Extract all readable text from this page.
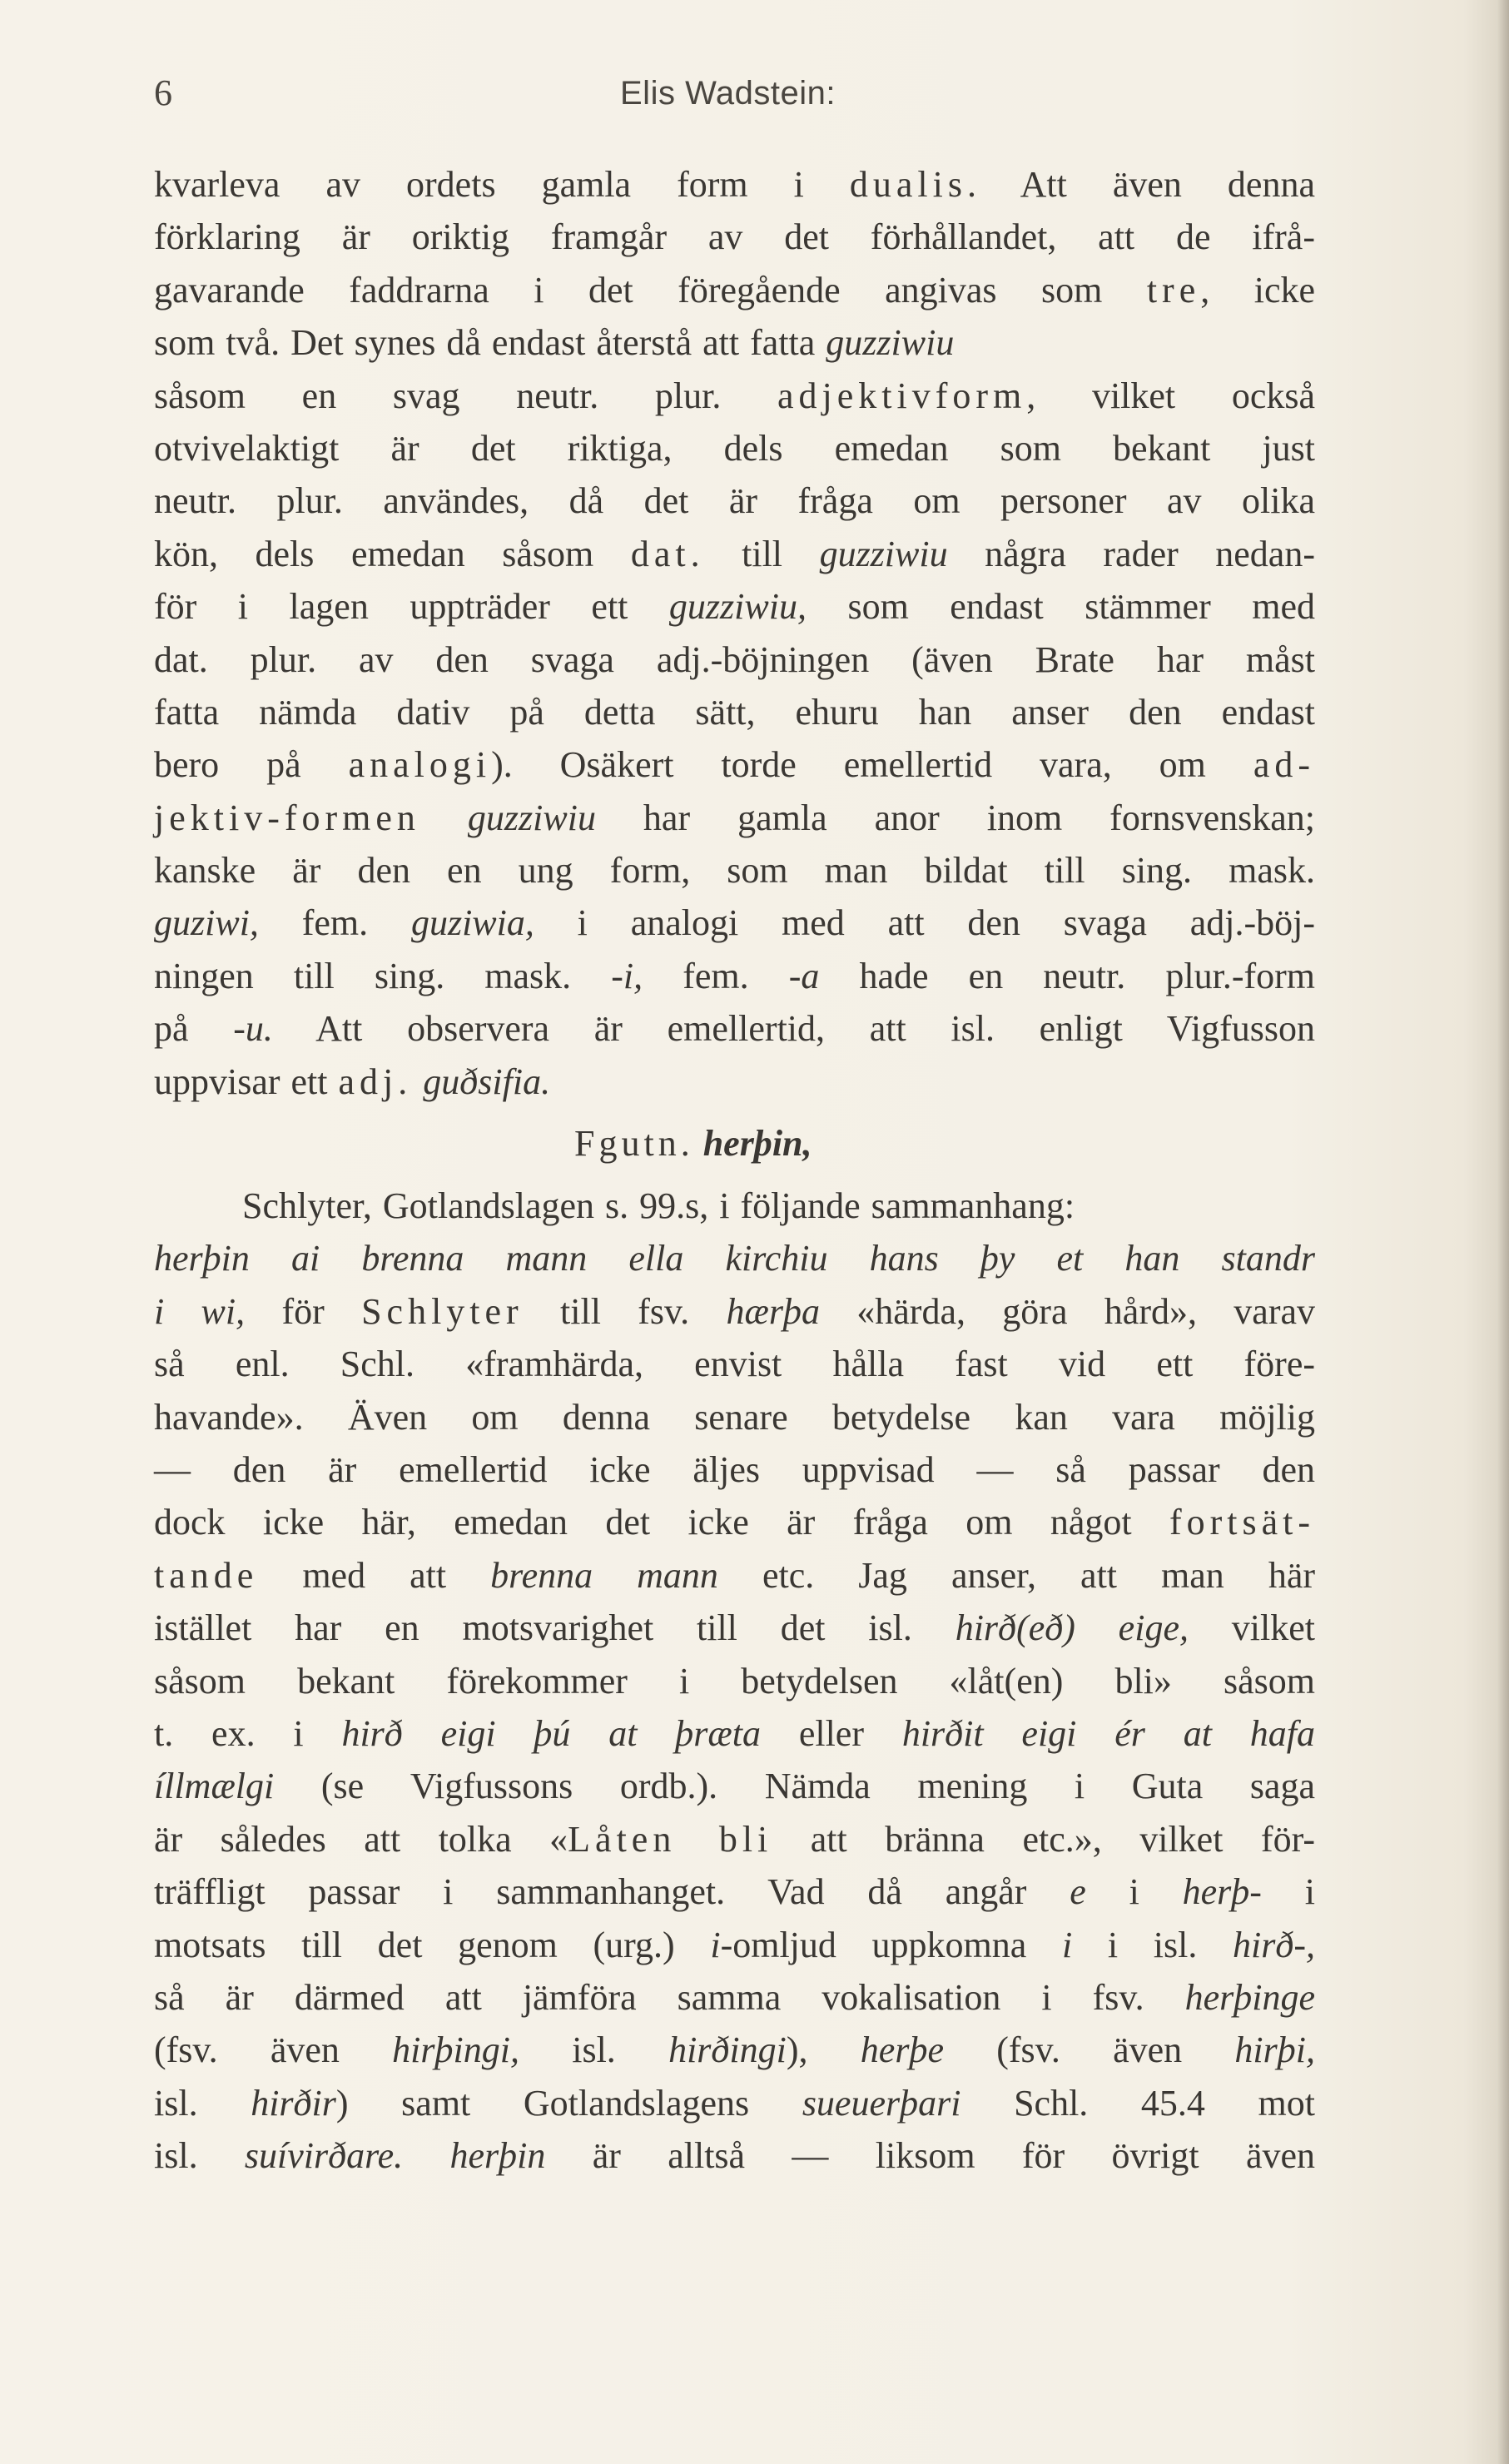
6	Elis Wadstein:
kvarleva av ordets gamla form i dualis. Att även denna
förklaring är oriktig framgår av det förhållandet, att de ifrå-
gavarande faddrarna i det föregående angivas som tre, icke
som två. Det synes då endast återstå att fatta guzziwiu
såsom en svag neutr. plur. adjektivform, vilket också
otvivelaktigt är det riktiga, dels emedan som bekant just
neutr. plur. användes, då det är fråga om personer av olika
kön, dels emedan såsom dat. till guzziwiu några rader nedan-
för i lagen uppträder ett guzziwiu, som endast stämmer med
dat. plur. av den svaga adj.-böjningen (även Brate har måst
fatta nämda dativ på detta sätt, ehuru han anser den endast
bero på analogi). Osäkert torde emellertid vara, om ad-
jektiv-formen guzziwiu har gamla anor inom fornsvenskan;
kanske är den en ung form, som man bildat till sing. mask.
guziwi, fem. guziwia, i analogi med att den svaga adj.-böj-
ningen till sing. mask. -i, fem. -a hade en neutr. plur.-form
på -u. Att observera är emellertid, att isl. enligt Vigfusson
uppvisar ett adj. guðsifia.
Fgutn. herþin,
Schlyter, Gotlandslagen s. 99.s, i följande sammanhang:
herþin ai brenna mann ella kirchiu hans þy et han standr
i wi, för Schlyter till fsv. hærþa «härda, göra hård», varav
så enl. Schl. «framhärda, envist hålla fast vid ett före-
havande». Även om denna senare betydelse kan vara möjlig
— den är emellertid icke äljes uppvisad — så passar den
dock icke här, emedan det icke är fråga om något fortsät-
tande med att brenna mann etc. Jag anser, att man här
istället har en motsvarighet till det isl. hirð(eð) eige, vilket
såsom bekant förekommer i betydelsen «låt(en) bli» såsom
t. ex. i hirð eigi þú at þræta eller hirðit eigi ér at hafa
íllmælgi (se Vigfussons ordb.). Nämda mening i Guta saga
är således att tolka «Låten bli att bränna etc.», vilket för-
träffligt passar i sammanhanget. Vad då angår e i herþ- i
motsats till det genom (urg.) i-omljud uppkomna i i isl. hirð-,
så är därmed att jämföra samma vokalisation i fsv. herþinge
(fsv. även hirþingi, isl. hirðingi), herþe (fsv. även hirþi,
isl. hirðir) samt Gotlandslagens sueuerþari Schl. 45.4 mot
isl. suívirðare. herþin är alltså — liksom för övrigt även
